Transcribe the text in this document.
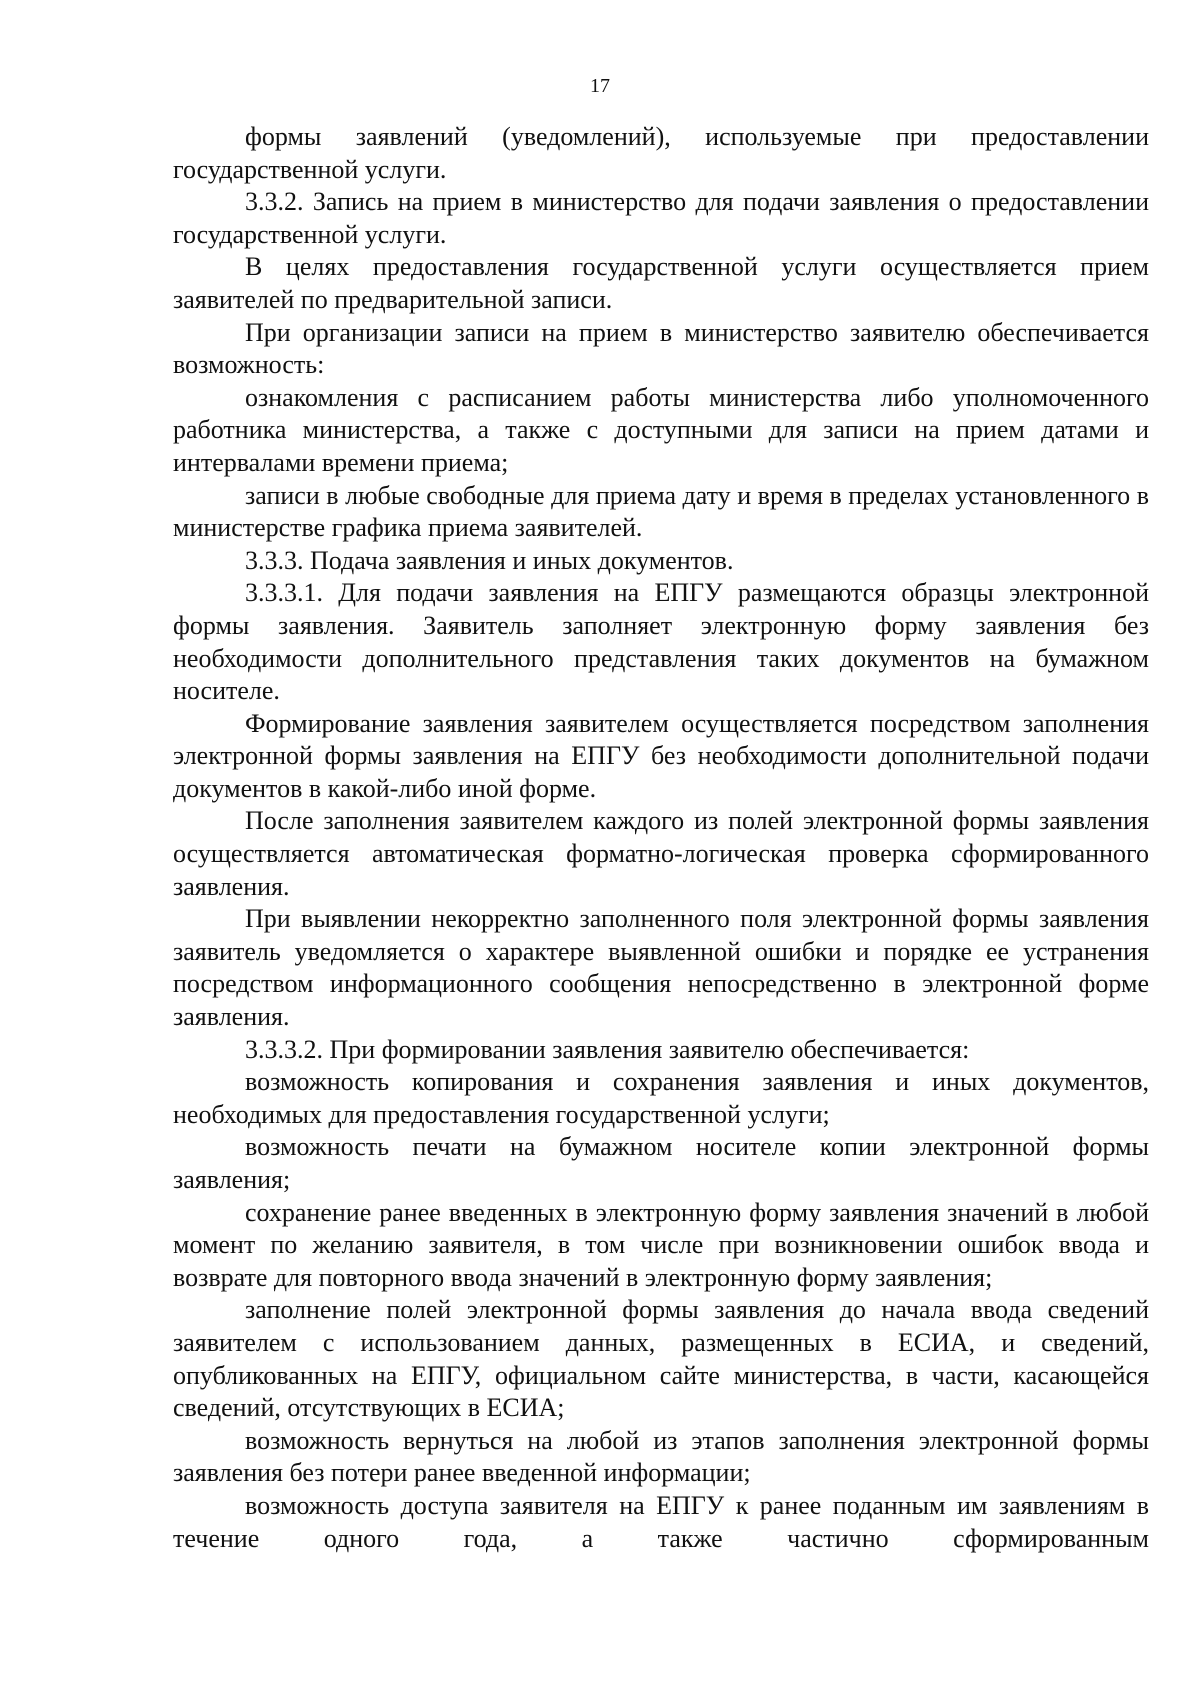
17

формы заявлений (уведомлений), используемые при предоставлении государственной услуги.

3.3.2. Запись на прием в министерство для подачи заявления о предоставлении государственной услуги.

В целях предоставления государственной услуги осуществляется прием заявителей по предварительной записи.

При организации записи на прием в министерство заявителю обеспечивается возможность:

ознакомления с расписанием работы министерства либо уполномоченного работника министерства, а также с доступными для записи на прием датами и интервалами времени приема;

записи в любые свободные для приема дату и время в пределах установленного в министерстве графика приема заявителей.

3.3.3. Подача заявления и иных документов.

3.3.3.1. Для подачи заявления на ЕПГУ размещаются образцы электронной формы заявления. Заявитель заполняет электронную форму заявления без необходимости дополнительного представления таких документов на бумажном носителе.

Формирование заявления заявителем осуществляется посредством заполнения электронной формы заявления на ЕПГУ без необходимости дополнительной подачи документов в какой-либо иной форме.

После заполнения заявителем каждого из полей электронной формы заявления осуществляется автоматическая форматно-логическая проверка сформированного заявления.

При выявлении некорректно заполненного поля электронной формы заявления заявитель уведомляется о характере выявленной ошибки и порядке ее устранения посредством информационного сообщения непосредственно в электронной форме заявления.

3.3.3.2. При формировании заявления заявителю обеспечивается:

возможность копирования и сохранения заявления и иных документов, необходимых для предоставления государственной услуги;

возможность печати на бумажном носителе копии электронной формы заявления;

сохранение ранее введенных в электронную форму заявления значений в любой момент по желанию заявителя, в том числе при возникновении ошибок ввода и возврате для повторного ввода значений в электронную форму заявления;

заполнение полей электронной формы заявления до начала ввода сведений заявителем с использованием данных, размещенных в ЕСИА, и сведений, опубликованных на ЕПГУ, официальном сайте министерства, в части, касающейся сведений, отсутствующих в ЕСИА;

возможность вернуться на любой из этапов заполнения электронной формы заявления без потери ранее введенной информации;

возможность доступа заявителя на ЕПГУ к ранее поданным им заявлениям в течение одного года, а также частично сформированным
